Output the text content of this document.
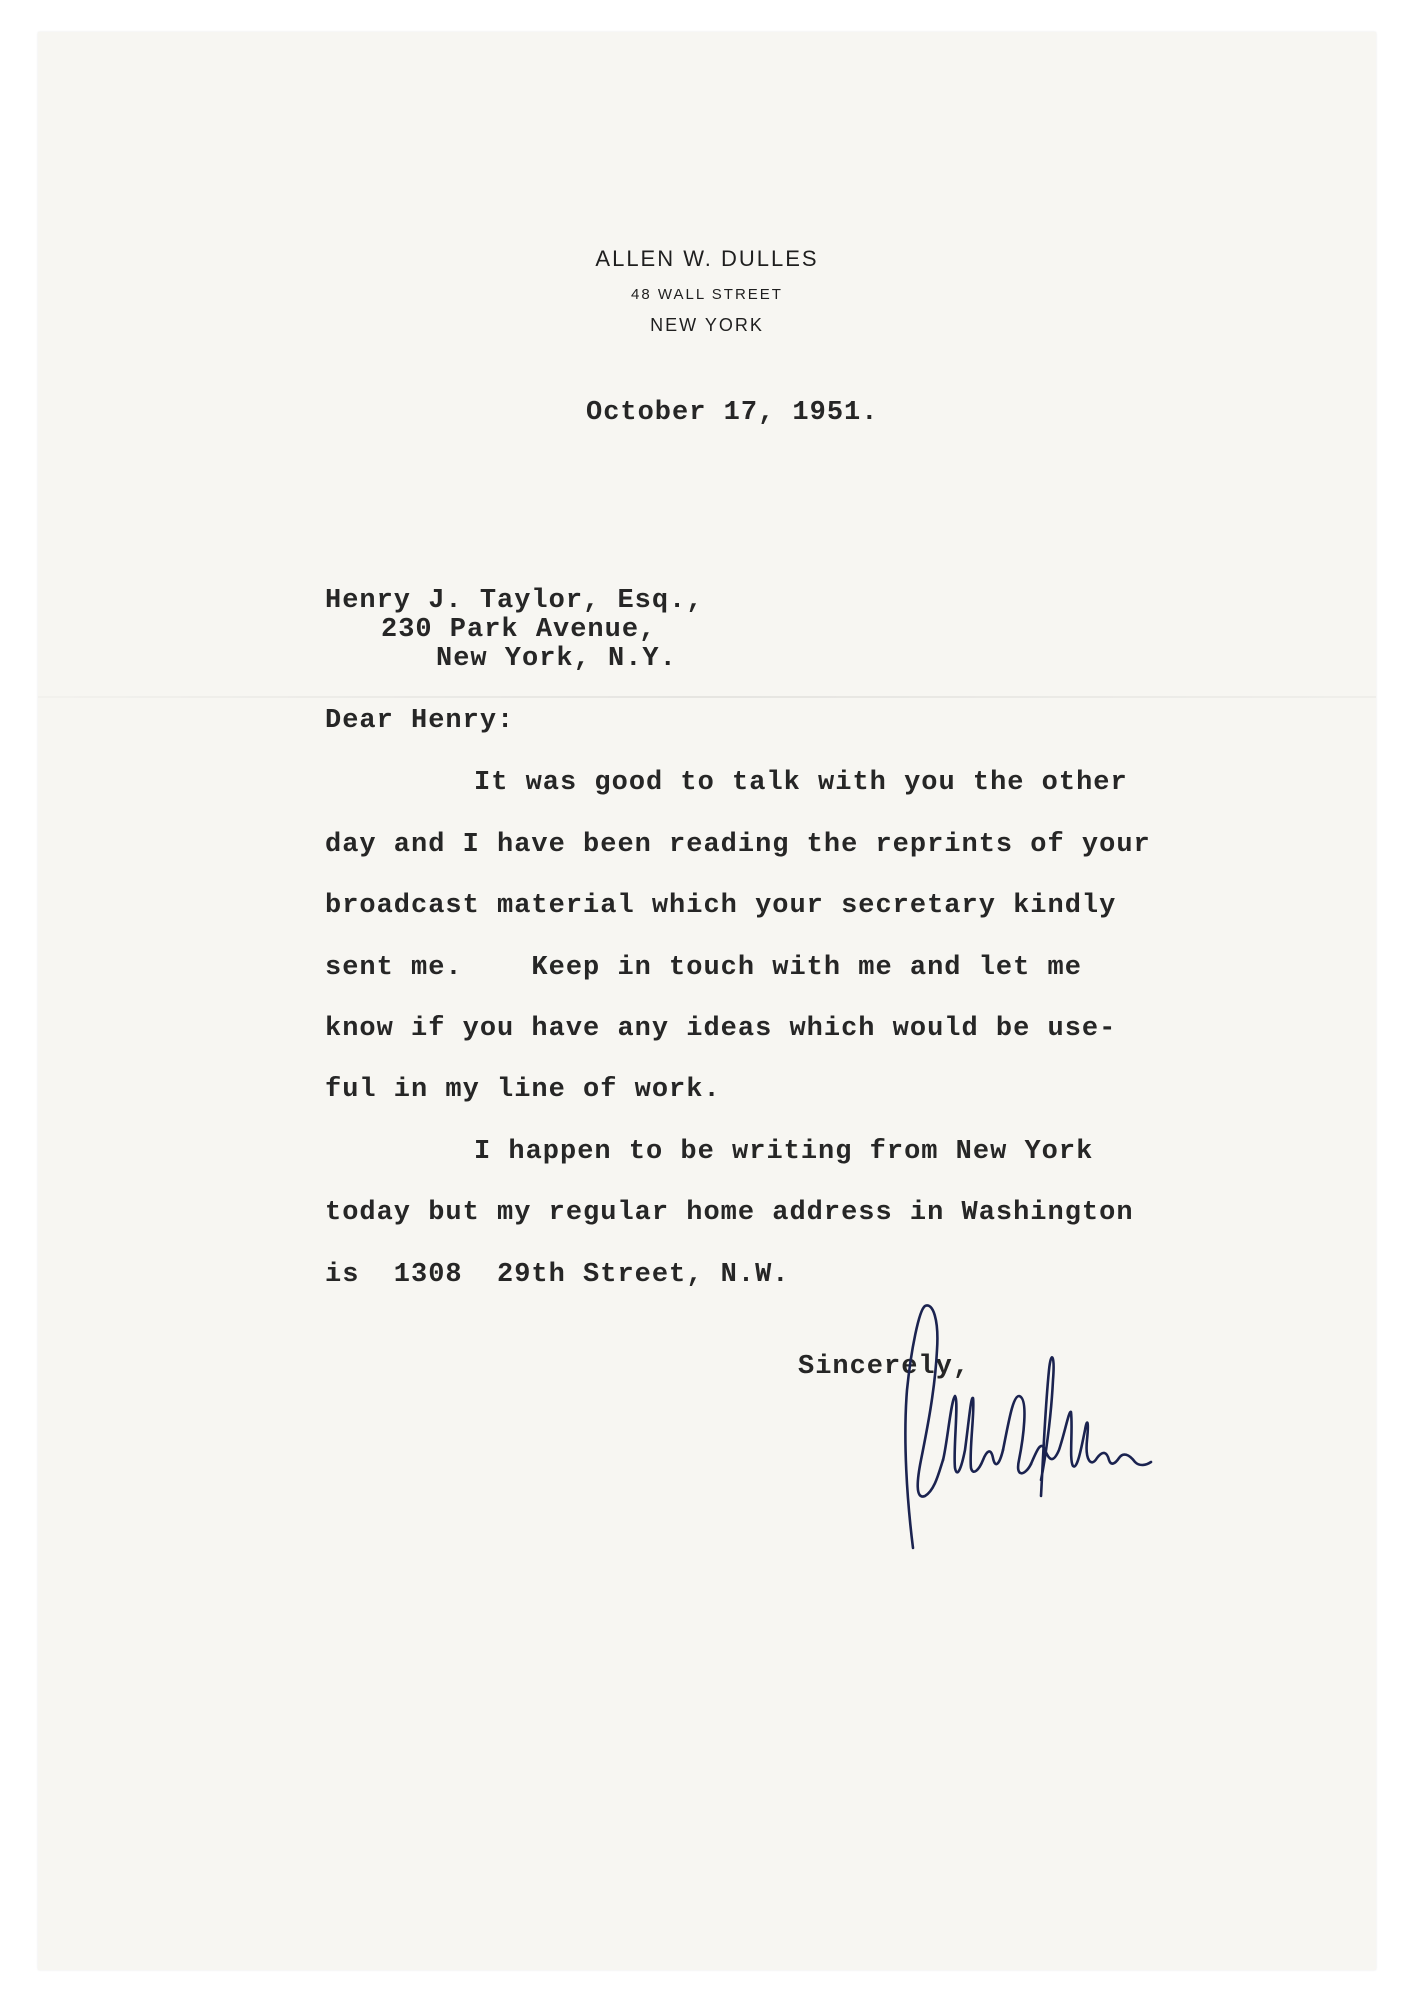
ALLEN W. DULLES
48 WALL STREET
NEW YORK
October 17, 1951.
Henry J. Taylor, Esq.,
230 Park Avenue,
New York, N.Y.
Dear Henry:
It was good to talk with you the other
day and I have been reading the reprints of your
broadcast material which your secretary kindly
sent me.    Keep in touch with me and let me
know if you have any ideas which would be use-
ful in my line of work.
I happen to be writing from New York
today but my regular home address in Washington
is  1308  29th Street, N.W.
Sincerely,
